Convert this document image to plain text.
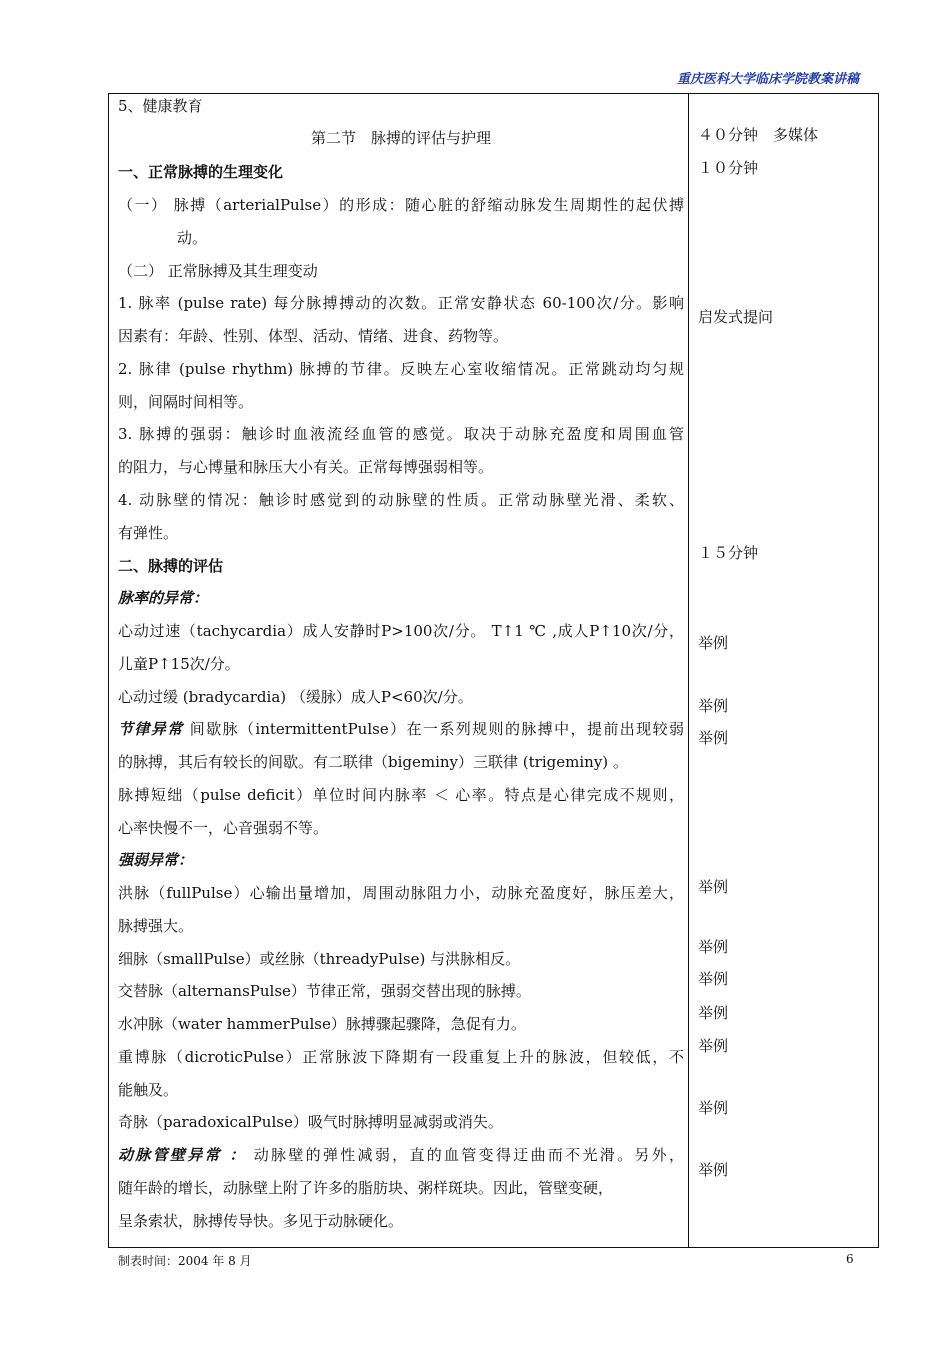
重庆医科大学临床学院教案讲稿
5、健康教育
第二节　脉搏的评估与护理
一、正常脉搏的生理变化
（一） 脉搏（arterialPulse）的形成：随心脏的舒缩动脉发生周期性的起伏搏
动。
（二） 正常脉搏及其生理变动
1. 脉率 (pulse rate) 每分脉搏搏动的次数。正常安静状态 60-100次/分。影响
因素有：年龄、性别、体型、活动、情绪、进食、药物等。
2. 脉律 (pulse rhythm) 脉搏的节律。反映左心室收缩情况。正常跳动均匀规
则，间隔时间相等。
3. 脉搏的强弱：触诊时血液流经血管的感觉。取决于动脉充盈度和周围血管
的阻力，与心博量和脉压大小有关。正常每博强弱相等。
4. 动脉壁的情况：触诊时感觉到的动脉壁的性质。正常动脉壁光滑、柔软、
有弹性。
二、脉搏的评估
脉率的异常：
心动过速（tachycardia）成人安静时P>100次/分。 T↑1 ℃ ,成人P↑10次/分，
儿童P↑15次/分。
心动过缓 (bradycardia) （缓脉）成人P<60次/分。
节律异常 间歇脉（intermittentPulse）在一系列规则的脉搏中，提前出现较弱
的脉搏，其后有较长的间歇。有二联律（bigeminy）三联律 (trigeminy) 。
脉搏短绌（pulse deficit）单位时间内脉率 ＜ 心率。特点是心律完成不规则，
心率快慢不一，心音强弱不等。
强弱异常：
洪脉（fullPulse）心输出量增加，周围动脉阻力小，动脉充盈度好，脉压差大，
脉搏强大。
细脉（smallPulse）或丝脉（threadyPulse) 与洪脉相反。
交替脉（alternansPulse）节律正常，强弱交替出现的脉搏。
水冲脉（water hammerPulse）脉搏骤起骤降，急促有力。
重博脉（dicroticPulse）正常脉波下降期有一段重复上升的脉波，但较低，不
能触及。
奇脉（paradoxicalPulse）吸气时脉搏明显减弱或消失。
动脉管壁异常 ： 动脉壁的弹性减弱，直的血管变得迂曲而不光滑。另外，
随年龄的增长，动脉壁上附了许多的脂肪块、粥样斑块。因此，管壁变硬，
呈条索状，脉搏传导快。多见于动脉硬化。
４０分钟　多媒体
１０分钟
启发式提问
１５分钟
举例
举例
举例
举例
举例
举例
举例
举例
举例
举例
制表时间：2004 年 8 月	6
